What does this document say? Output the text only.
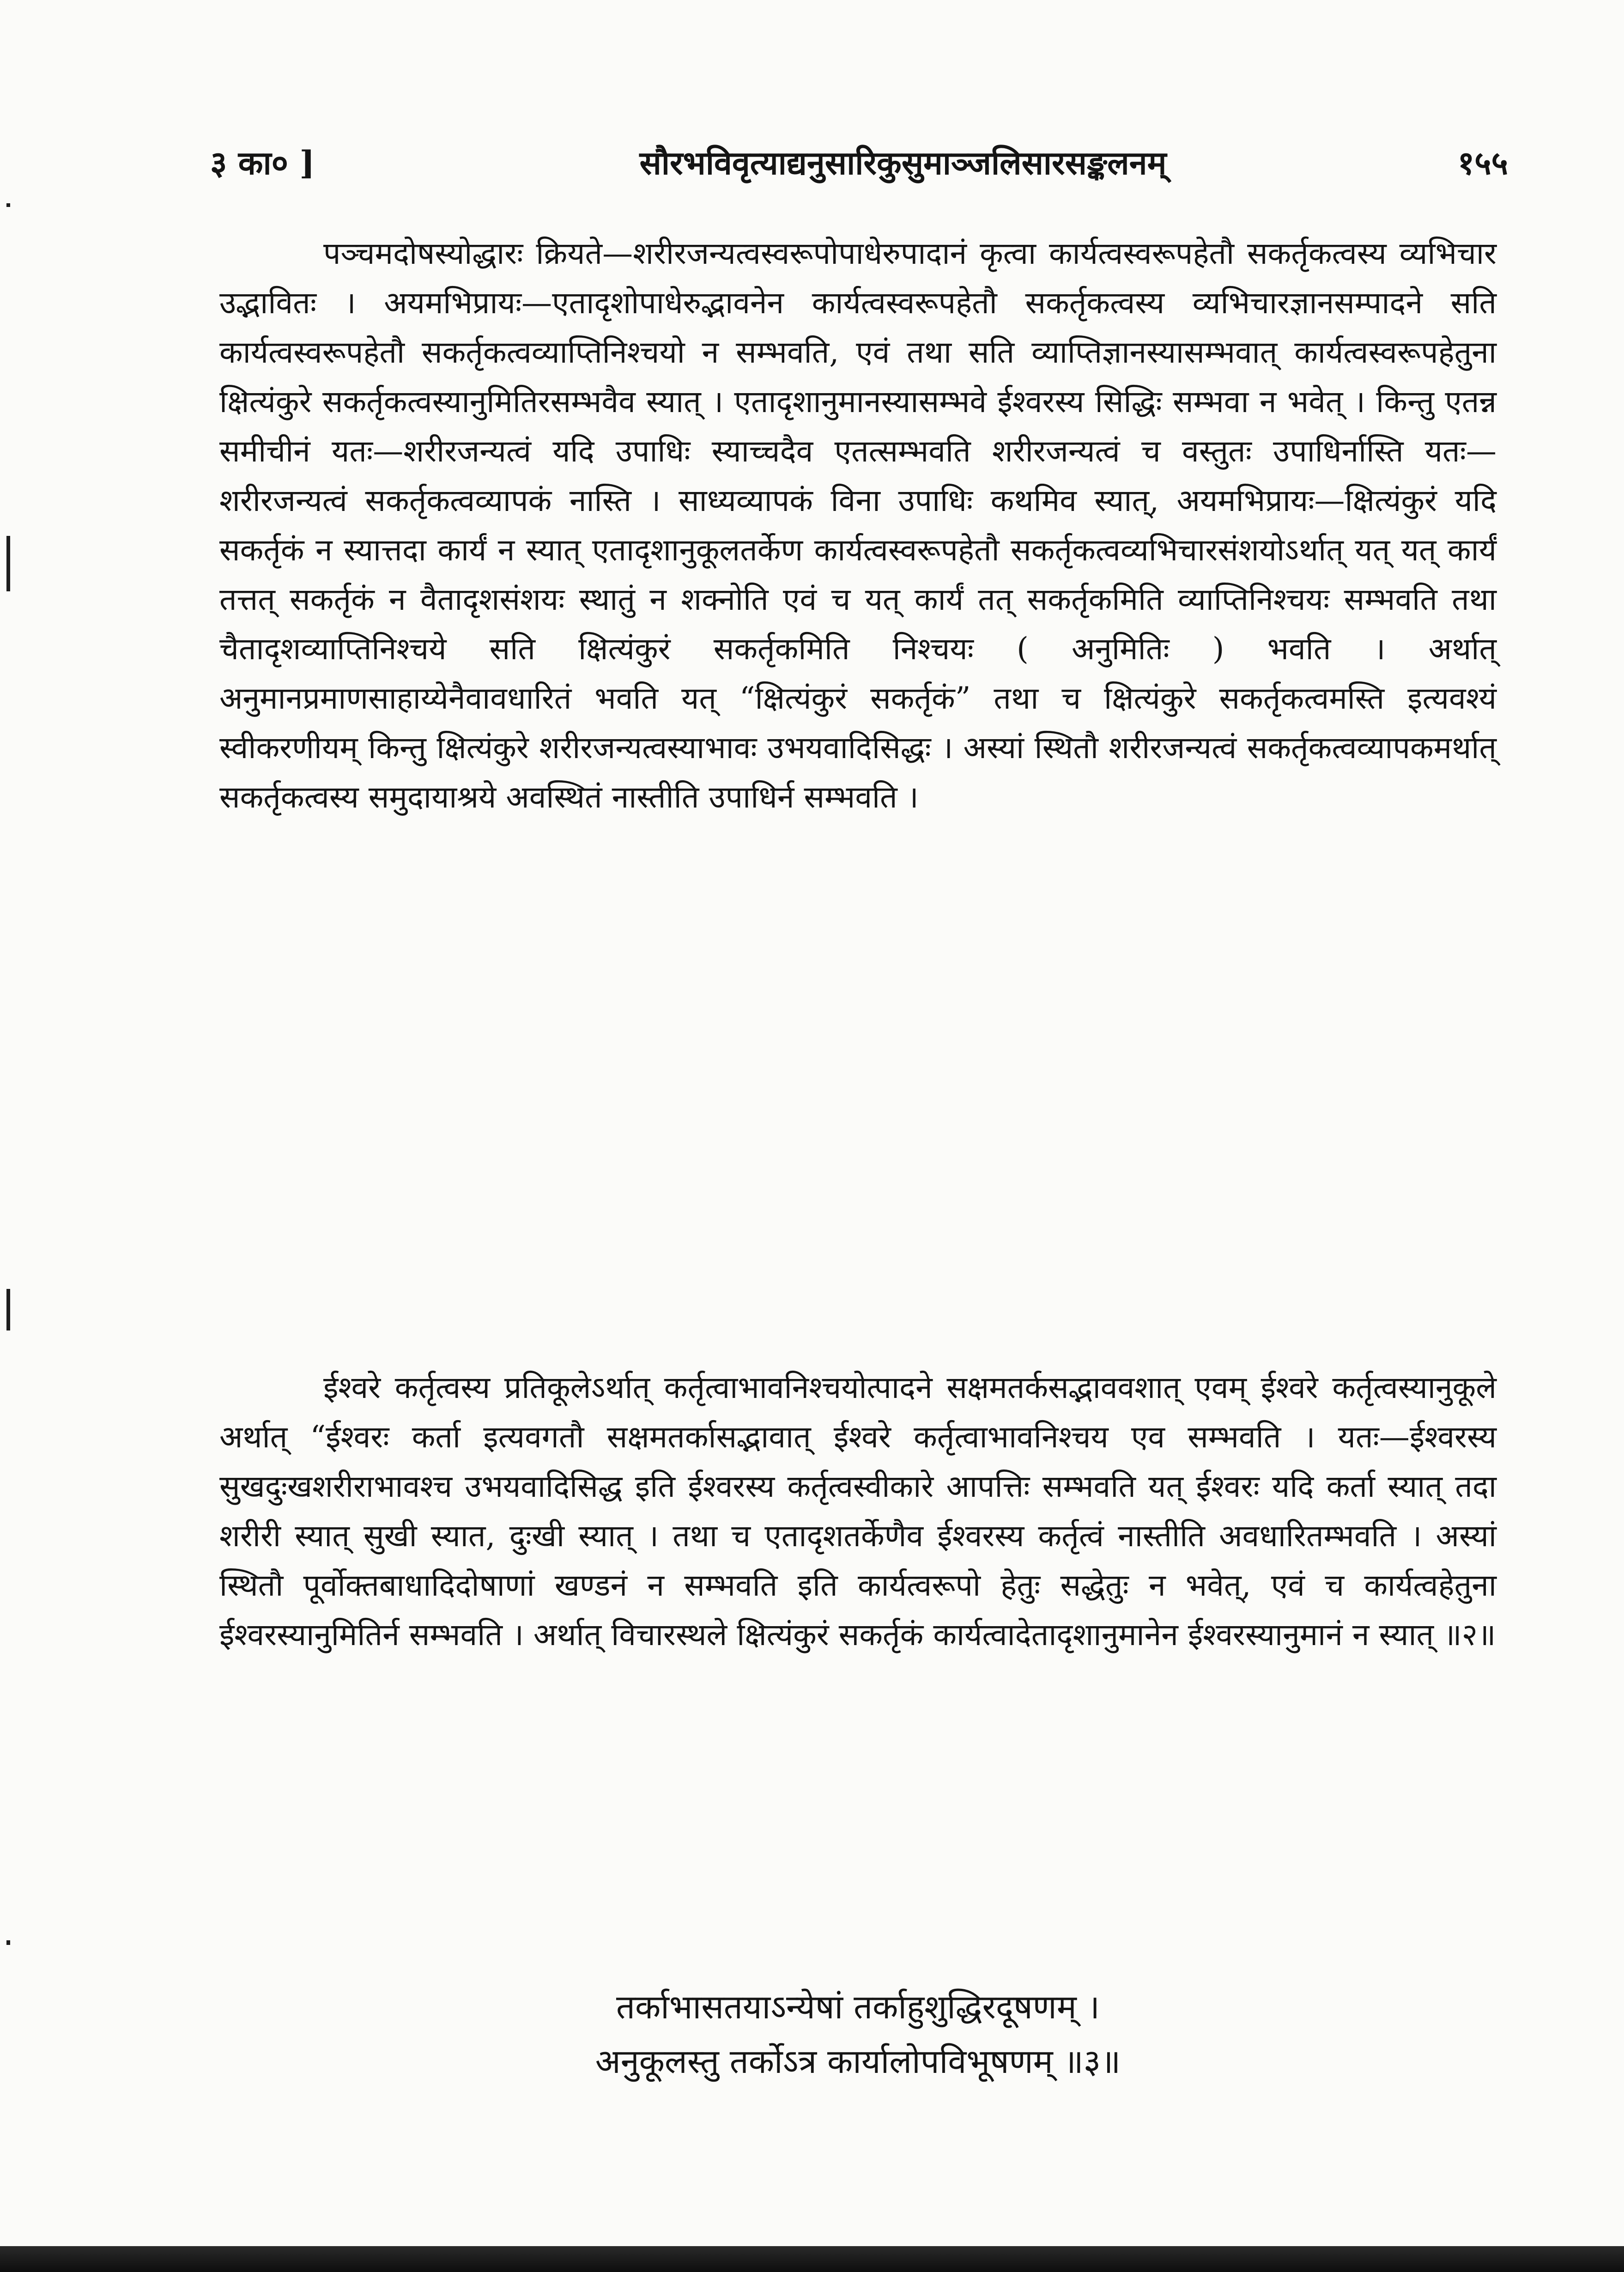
३ का० ]	सौरभविवृत्याद्यनुसारिकुसुमाञ्जलिसारसङ्कलनम्	१५५

पञ्चमदोषस्योद्धारः क्रियते—शरीरजन्यत्वस्वरूपोपाधेरुपादानं कृत्वा कार्यत्वस्वरूपहेतौ सकर्तृकत्वस्य व्यभिचार उद्भावितः । अयमभिप्रायः—एतादृशोपाधेरुद्भावनेन कार्यत्वस्वरूपहेतौ सकर्तृकत्वस्य व्यभिचारज्ञानसम्पादने सति कार्यत्वस्वरूपहेतौ सकर्तृकत्वव्याप्तिनिश्चयो न सम्भवति, एवं तथा सति व्याप्तिज्ञानस्यासम्भवात् कार्यत्वस्वरूपहेतुना क्षित्यंकुरे सकर्तृकत्वस्यानुमितिरसम्भवैव स्यात् । एतादृशानुमानस्यासम्भवे ईश्वरस्य सिद्धिः सम्भवा न भवेत् । किन्तु एतन्न समीचीनं यतः—शरीरजन्यत्वं यदि उपाधिः स्याच्चदैव एतत्सम्भवति शरीरजन्यत्वं च वस्तुतः उपाधिर्नास्ति यतः—शरीरजन्यत्वं सकर्तृकत्वव्यापकं नास्ति । साध्यव्यापकं विना उपाधिः कथमिव स्यात्, अयमभिप्रायः—क्षित्यंकुरं यदि सकर्तृकं न स्यात्तदा कार्यं न स्यात् एतादृशानुकूलतर्केण कार्यत्वस्वरूपहेतौ सकर्तृकत्वव्यभिचारसंशयोऽर्थात् यत् यत् कार्यं तत्तत् सकर्तृकं न वैतादृशसंशयः स्थातुं न शक्नोति एवं च यत् कार्यं तत् सकर्तृकमिति व्याप्तिनिश्चयः सम्भवति तथा चैतादृशव्याप्तिनिश्चये सति क्षित्यंकुरं सकर्तृकमिति निश्चयः ( अनुमितिः ) भवति । अर्थात् अनुमानप्रमाणसाहाय्येनैवावधारितं भवति यत् “क्षित्यंकुरं सकर्तृकं” तथा च क्षित्यंकुरे सकर्तृकत्वमस्ति इत्यवश्यं स्वीकरणीयम् किन्तु क्षित्यंकुरे शरीरजन्यत्वस्याभावः उभयवादिसिद्धः । अस्यां स्थितौ शरीरजन्यत्वं सकर्तृकत्वव्यापकमर्थात् सकर्तृकत्वस्य समुदायाश्रये अवस्थितं नास्तीति उपाधिर्न सम्भवति ।

ईश्वरे कर्तृत्वस्य प्रतिकूलेऽर्थात् कर्तृत्वाभावनिश्चयोत्पादने सक्षमतर्कसद्भाववशात् एवम् ईश्वरे कर्तृत्वस्यानुकूले अर्थात् “ईश्वरः कर्ता इत्यवगतौ सक्षमतर्कासद्भावात् ईश्वरे कर्तृत्वाभावनिश्चय एव सम्भवति । यतः—ईश्वरस्य सुखदुःखशरीराभावश्च उभयवादिसिद्ध इति ईश्वरस्य कर्तृत्वस्वीकारे आपत्तिः सम्भवति यत् ईश्वरः यदि कर्ता स्यात् तदा शरीरी स्यात् सुखी स्यात, दुःखी स्यात् । तथा च एतादृशतर्केणैव ईश्वरस्य कर्तृत्वं नास्तीति अवधारितम्भवति । अस्यां स्थितौ पूर्वोक्तबाधादिदोषाणां खण्डनं न सम्भवति इति कार्यत्वरूपो हेतुः सद्धेतुः न भवेत्, एवं च कार्यत्वहेतुना ईश्वरस्यानुमितिर्न सम्भवति । अर्थात् विचारस्थले क्षित्यंकुरं सकर्तृकं कार्यत्वादेतादृशानुमानेन ईश्वरस्यानुमानं न स्यात् ॥२॥

तर्काभासतयाऽन्येषां तर्काहुशुद्धिरदूषणम् ।
अनुकूलस्तु तर्कोऽत्र कार्यालोपविभूषणम् ॥३॥
